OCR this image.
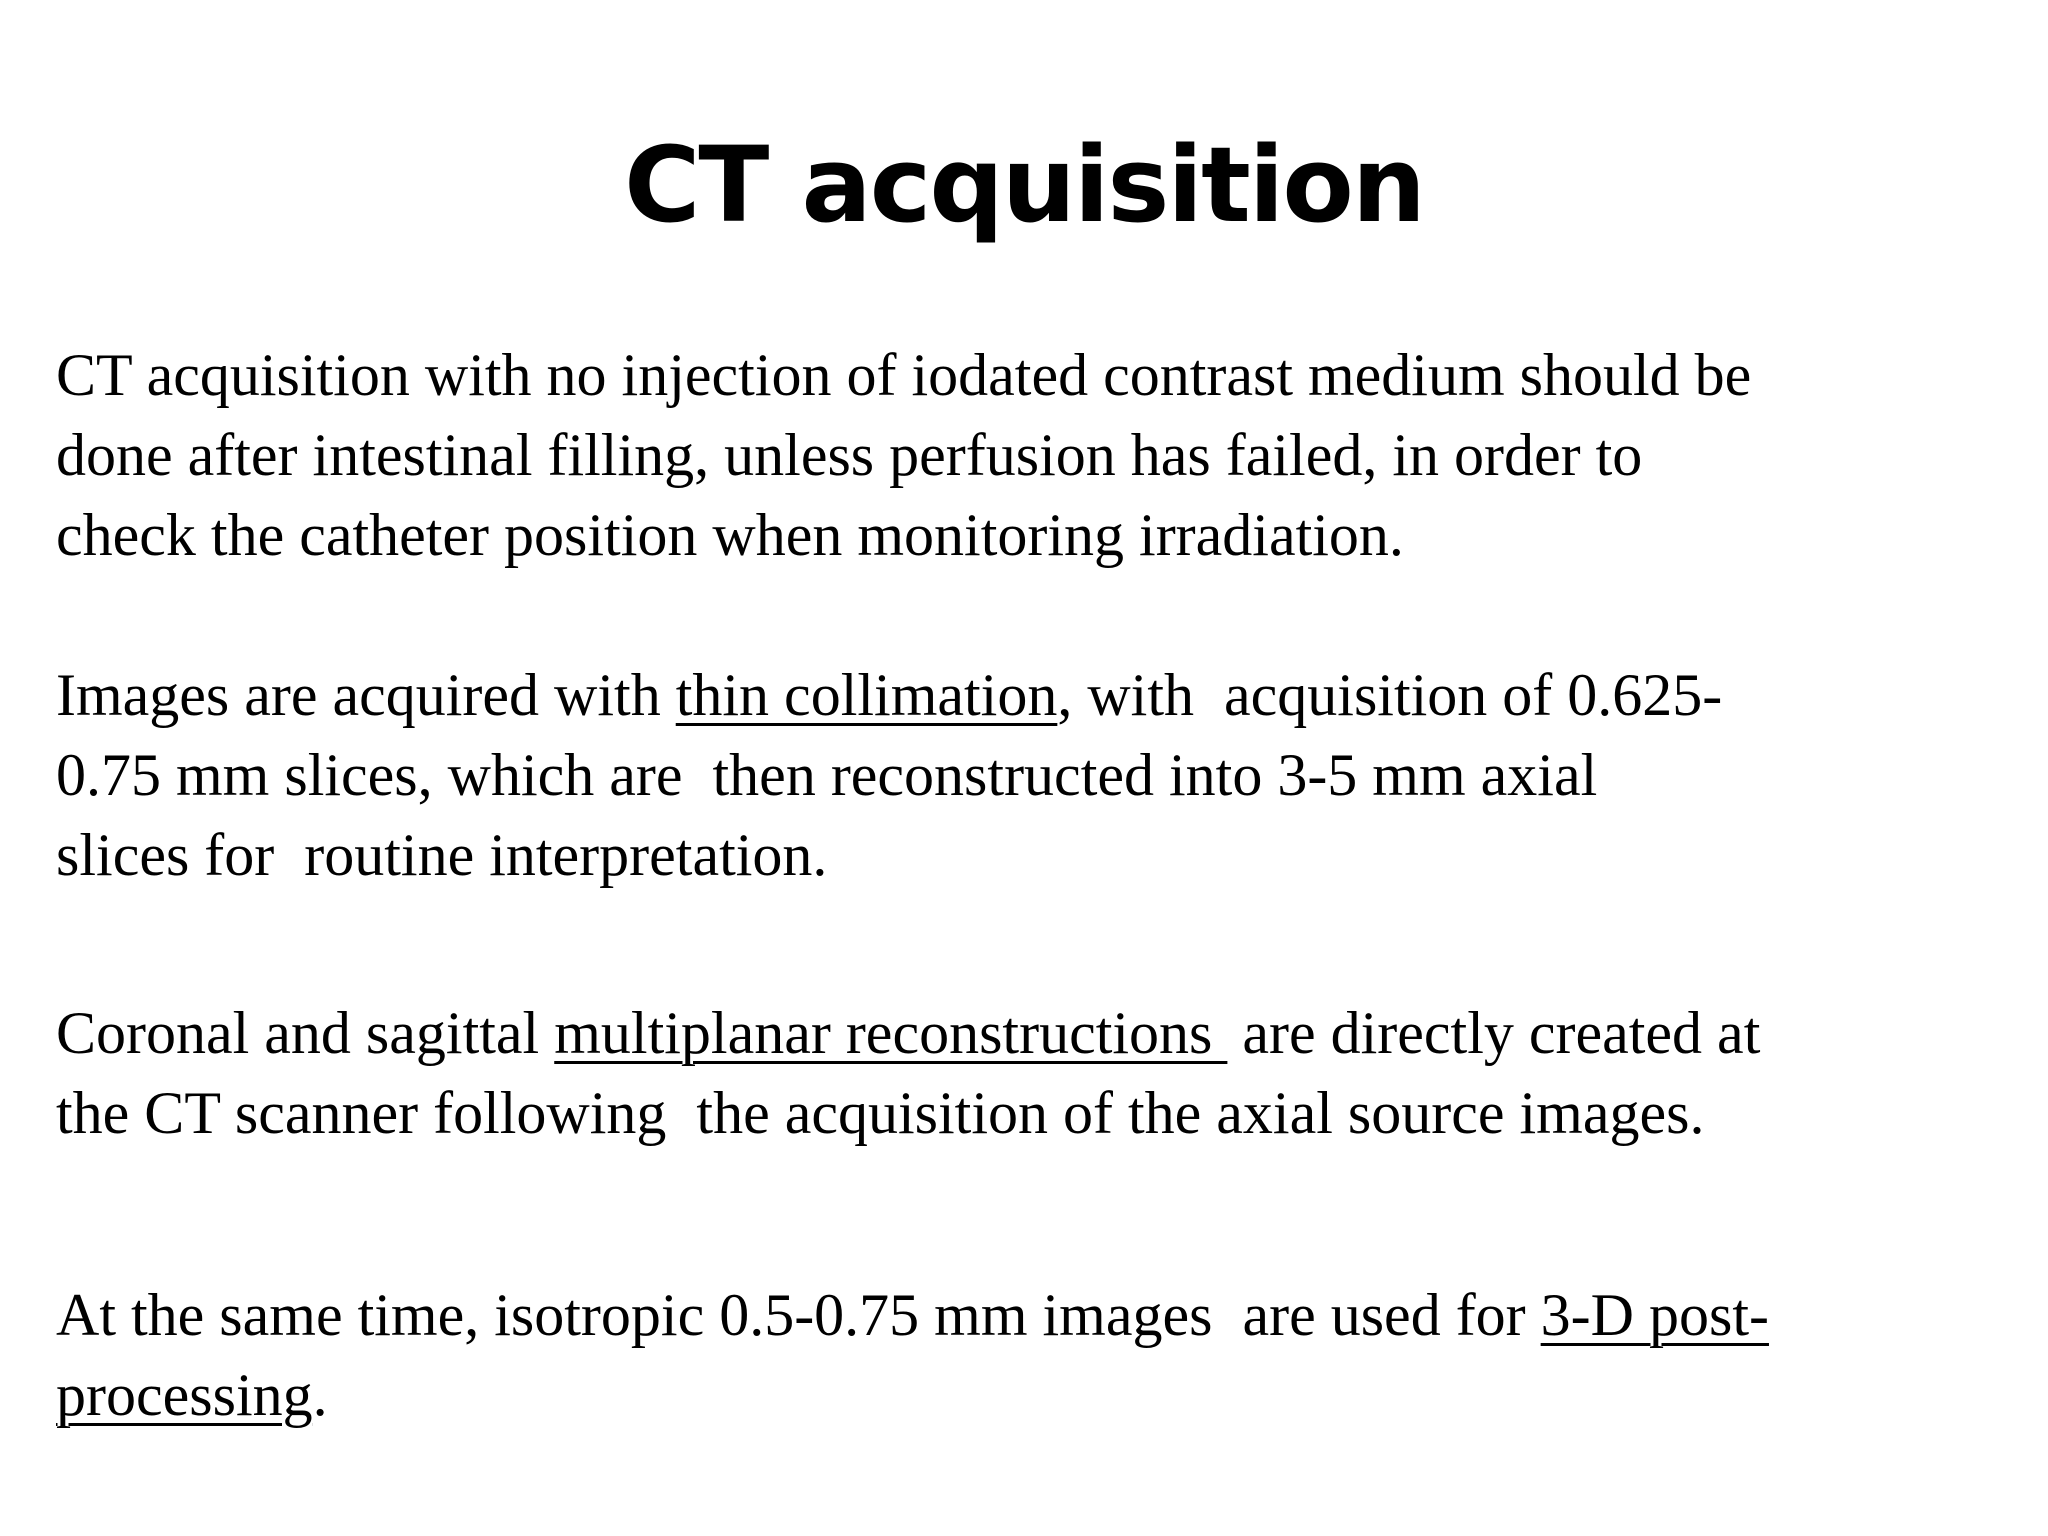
CT acquisition
CT acquisition with no injection of iodated contrast medium should be
done after intestinal filling, unless perfusion has failed, in order to
check the catheter position when monitoring irradiation.
Images are acquired with thin collimation, with  acquisition of 0.625-
0.75 mm slices, which are  then reconstructed into 3-5 mm axial
slices for  routine interpretation.
Coronal and sagittal multiplanar reconstructions  are directly created at
the CT scanner following  the acquisition of the axial source images.
At the same time, isotropic 0.5-0.75 mm images  are used for 3-D post-
processing.
